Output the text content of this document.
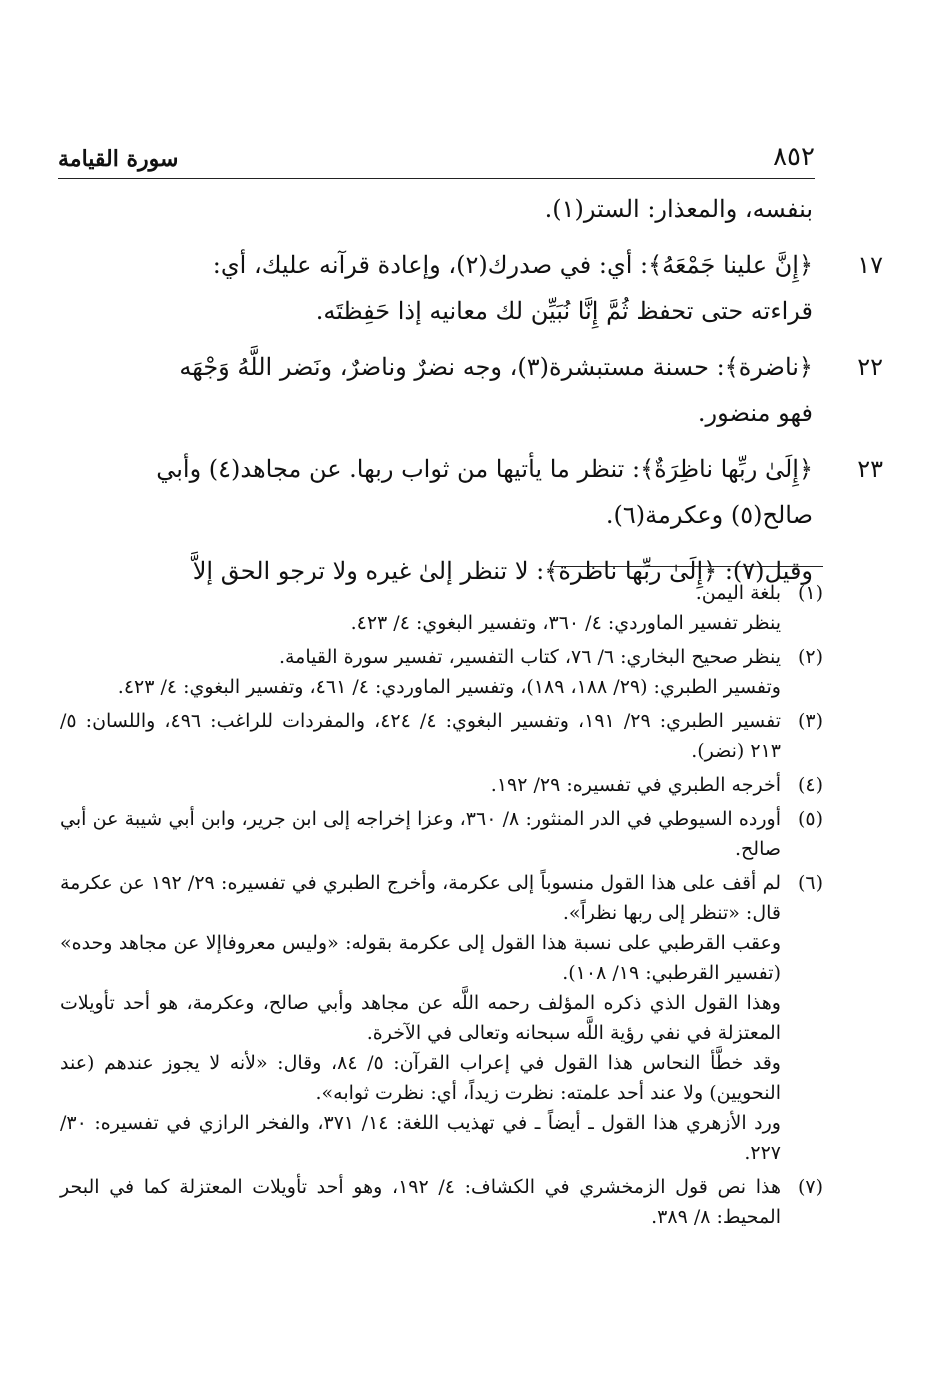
٨٥٢
سورة القيامة
بنفسه، والمعذار: الستر(١).
١٧
﴿إِنَّ علينا جَمْعَهُ﴾: أي: في صدرك(٢)، وإعادة قرآنه عليك، أي:
قراءته حتى تحفظ ثُمَّ إِنَّا نُبَيِّن لك معانيه إذا حَفِظتَه.
٢٢
﴿ناضرة﴾: حسنة مستبشرة(٣)، وجه نضرٌ وناضرٌ، ونَضر اللَّهُ وَجْهَه
فهو منضور.
٢٣
﴿إِلَىٰ ربِّها ناظِرَةٌ﴾: تنظر ما يأتيها من ثواب ربها. عن مجاهد(٤) وأبي
صالح(٥) وعكرمة(٦).
وقيل(٧): ﴿إِلَىٰ ربِّها ناظرة﴾: لا تنظر إلىٰ غيره ولا ترجو الحق إلاَّ
(١)
بلغة اليمن.
ينظر تفسير الماوردي: ٤/ ٣٦٠، وتفسير البغوي: ٤/ ٤٢٣.
(٢)
ينظر صحيح البخاري: ٦/ ٧٦، كتاب التفسير، تفسير سورة القيامة.
وتفسير الطبري: (٢٩/ ١٨٨، ١٨٩)، وتفسير الماوردي: ٤/ ٤٦١، وتفسير البغوي: ٤/ ٤٢٣.
(٣)
تفسير الطبري: ٢٩/ ١٩١، وتفسير البغوي: ٤/ ٤٢٤، والمفردات للراغب: ٤٩٦، واللسان: ٥/ ٢١٣ (نضر).
(٤)
أخرجه الطبري في تفسيره: ٢٩/ ١٩٢.
(٥)
أورده السيوطي في الدر المنثور: ٨/ ٣٦٠، وعزا إخراجه إلى ابن جرير، وابن أبي شيبة عن أبي صالح.
(٦)
لم أقف على هذا القول منسوباً إلى عكرمة، وأخرج الطبري في تفسيره: ٢٩/ ١٩٢ عن عكرمة قال: «تنظر إلى ربها نظراً».
وعقب القرطبي على نسبة هذا القول إلى عكرمة بقوله: «وليس معروفاإلا عن مجاهد وحده» (تفسير القرطبي: ١٩/ ١٠٨).
وهذا القول الذي ذكره المؤلف رحمه اللَّه عن مجاهد وأبي صالح، وعكرمة، هو أحد تأويلات المعتزلة في نفي رؤية اللَّه سبحانه وتعالى في الآخرة.
وقد خطَّأ النحاس هذا القول في إعراب القرآن: ٥/ ٨٤، وقال: «لأنه لا يجوز عندهم (عند النحويين) ولا عند أحد علمته: نظرت زيداً، أي: نظرت ثوابه».
ورد الأزهري هذا القول ـ أيضاً ـ في تهذيب اللغة: ١٤/ ٣٧١، والفخر الرازي في تفسيره: ٣٠/ ٢٢٧.
(٧)
هذا نص قول الزمخشري في الكشاف: ٤/ ١٩٢، وهو أحد تأويلات المعتزلة كما في البحر المحيط: ٨/ ٣٨٩.
